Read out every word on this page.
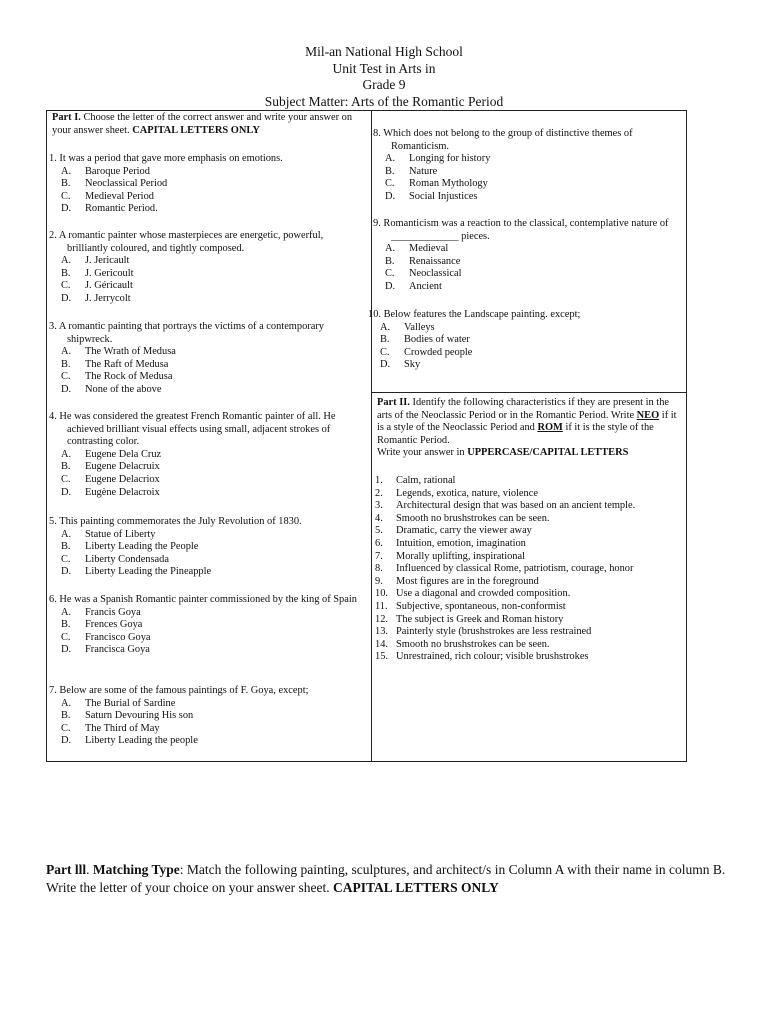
Mil-an National High School
Unit Test in Arts in
Grade 9
Subject Matter: Arts of the Romantic Period
Part I. Choose the letter of the correct answer and write your answer on your answer sheet. CAPITAL LETTERS ONLY
1. It was a period that gave more emphasis on emotions.
A.	Baroque Period
B.	Neoclassical Period
C.	Medieval Period
D.	Romantic Period.
2. A romantic painter whose masterpieces are energetic, powerful, brilliantly coloured, and tightly composed.
A.	J. Jericault
B.	J. Gericoult
C.	J. Géricault
D.	J. Jerrycolt
3. A romantic painting that portrays the victims of a contemporary shipwreck.
A.	The Wrath of Medusa
B.	The Raft of Medusa
C.	The Rock of Medusa
D.	None of the above
4. He was considered the greatest French Romantic painter of all. He achieved brilliant visual effects using small, adjacent strokes of contrasting color.
A.	Eugene Dela Cruz
B.	Eugene Delacruix
C.	Eugene Delacriox
D.	Eugène Delacroix
5. This painting commemorates the July Revolution of 1830.
A.	Statue of Liberty
B.	Liberty Leading the People
C.	Liberty Condensada
D.	Liberty Leading the Pineapple
6. He was a Spanish Romantic painter commissioned by the king of Spain
A.	Francis Goya
B.	Frences Goya
C.	Francisco Goya
D.	Francisca Goya
7. Below are some of the famous paintings of F. Goya, except;
A.	The Burial of Sardine
B.	Saturn Devouring His son
C.	The Third of May
D.	Liberty Leading the people
8. Which does not belong to the group of distinctive themes of Romanticism.
A.	Longing for history
B.	Nature
C.	Roman Mythology
D.	Social Injustices
9. Romanticism was a reaction to the classical, contemplative nature of _____________ pieces.
A.	Medieval
B.	Renaissance
C.	Neoclassical
D.	Ancient
10. Below features the Landscape painting. except;
A.	Valleys
B.	Bodies of water
C.	Crowded people
D.	Sky
Part II. Identify the following characteristics if they are present in the arts of the Neoclassic Period or in the Romantic Period. Write NEO if it is a style of the Neoclassic Period and ROM if it is the style of the Romantic Period.
Write your answer in UPPERCASE/CAPITAL LETTERS
1.	Calm, rational
2.	Legends, exotica, nature, violence
3.	Architectural design that was based on an ancient temple.
4.	Smooth no brushstrokes can be seen.
5.	Dramatic, carry the viewer away
6.	Intuition, emotion, imagination
7.	Morally uplifting, inspirational
8.	Influenced by classical Rome, patriotism, courage, honor
9.	Most figures are in the foreground
10. Use a diagonal and crowded composition.
11. Subjective, spontaneous, non-conformist
12. The subject is Greek and Roman history
13. Painterly style (brushstrokes are less restrained
14. Smooth no brushstrokes can be seen.
15. Unrestrained, rich colour; visible brushstrokes
Part lll. Matching Type: Match the following painting, sculptures, and architect/s in Column A with their name in column B. Write the letter of your choice on your answer sheet. CAPITAL LETTERS ONLY
